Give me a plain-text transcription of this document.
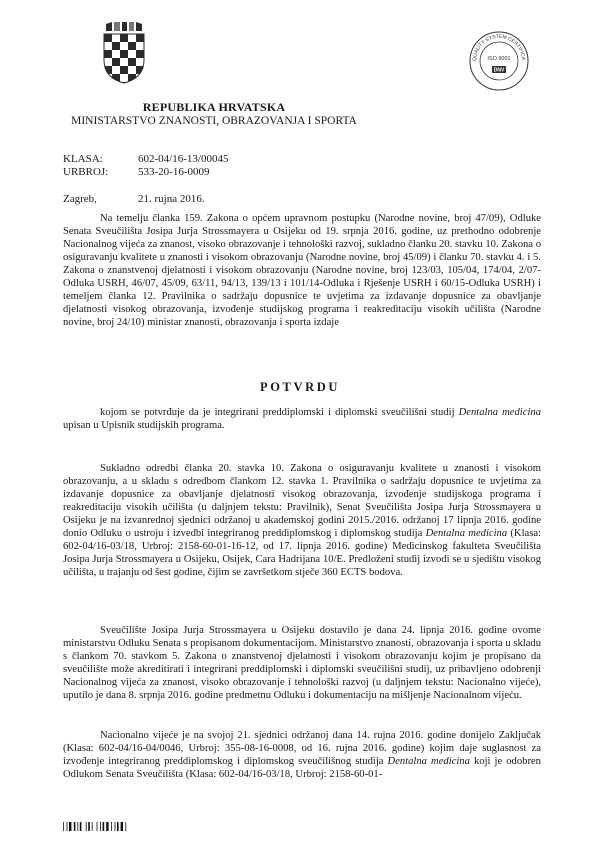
QUALITY SYSTEM CERTIFICA
ISO 9001
DNV
REPUBLIKA HRVATSKA
MINISTARSTVO ZNANOSTI, OBRAZOVANJA I SPORTA
KLASA:	602-04/16-13/00045
URBROJ:	533-20-16-0009
Zagreb,	21. rujna 2016.
Na temelju članka 159. Zakona o općem upravnom postupku (Narodne novine, broj 47/09), Odluke Senata Sveučilišta Josipa Jurja Strossmayera u Osijeku od 19. srpnja 2016. godine, uz prethodno odobrenje Nacionalnog vijeća za znanost, visoko obrazovanje i tehnološki razvoj, sukladno članku 20. stavku 10. Zakona o osiguravanju kvalitete u znanosti i visokom obrazovanju (Narodne novine, broj 45/09) i članku 70. stavku 4. i 5. Zakona o znanstvenoj djelatnosti i visokom obrazovanju (Narodne novine, broj 123/03, 105/04, 174/04, 2/07-Odluka USRH, 46/07, 45/09, 63/11, 94/13, 139/13 i 101/14-Odluka i Rješenje USRH i 60/15-Odluka USRH) i temeljem članka 12. Pravilnika o sadržaju dopusnice te uvjetima za izdavanje dopusnice za obavljanje djelatnosti visokog obrazovanja, izvođenje studijskog programa i reakreditaciju visokih učilišta (Narodne novine, broj 24/10) ministar znanosti, obrazovanja i sporta izdaje
POTVRDU
kojom se potvrđuje da je integrirani preddiplomski i diplomski sveučilišni studij Dentalna medicina upisan u Upisnik studijskih programa.
Sukladno odredbi članka 20. stavka 10. Zakona o osiguravanju kvalitete u znanosti i visokom obrazovanju, a u skladu s odredbom člankom 12. stavka 1. Pravilnika o sadržaju dopusnice te uvjetima za izdavanje dopusnice za obavljanje djelatnosti visokog obrazovanja, izvođenje studijskoga programa i reakreditaciju visokih učilišta (u daljnjem tekstu: Pravilnik), Senat Sveučilišta Josipa Jurja Strossmayera u Osijeku je na izvanrednoj sjednici održanoj u akademskoj godini 2015./2016. održanoj 17 lipnja 2016. godine donio Odluku o ustroju i izvedbi integriranog preddiplomskog i diplomskog studija Dentalna medicina (Klasa: 602-04/16-03/18, Urbroj: 2158-60-01-16-12, od 17. lipnja 2016. godine) Medicinskog fakulteta Sveučilišta Josipa Jurja Strossmayera u Osijeku, Osijek, Cara Hadrijana 10/E. Predloženi studij izvodi se u sjedištu visokog učilišta, u trajanju od šest godine, čijim se završetkom stječe 360 ECTS bodova.
Sveučilište Josipa Jurja Strossmayera u Osijeku dostavilo je dana 24. lipnja 2016. godine ovome ministarstvu Odluku Senata s propisanom dokumentacijom. Ministarstvo znanosti, obrazovanja i sporta u skladu s člankom 70. stavkom 5. Zakona o znanstvenoj djelatnosti i visokom obrazovanju kojim je propisano da sveučilište može akreditirati i integrirani preddiplomski i diplomski sveučilišni studij, uz pribavljeno odobrenji Nacionalnog vijeća za znanost, visoko obrazovanje i tehnološki razvoj (u daljnjem tekstu: Nacionalno vijeće), uputilo je dana 8. srpnja 2016. godine predmetnu Odluku i dokumentaciju na mišljenje Nacionalnom vijeću.
Nacionalno vijeće je na svojoj 21. sjednici održanoj dana 14. rujna 2016. godine donijelo Zaključak (Klasa: 602-04/16-04/0046, Urbroj: 355-08-16-0008, od 16. rujna 2016. godine) kojim daje suglasnost za izvođenje integriranog preddiplomskog i diplomskog sveučilišnog studija Dentalna medicina koji je odobren Odlukom Senata Sveučilišta (Klasa: 602-04/16-03/18, Urbroj: 2158-60-01-
